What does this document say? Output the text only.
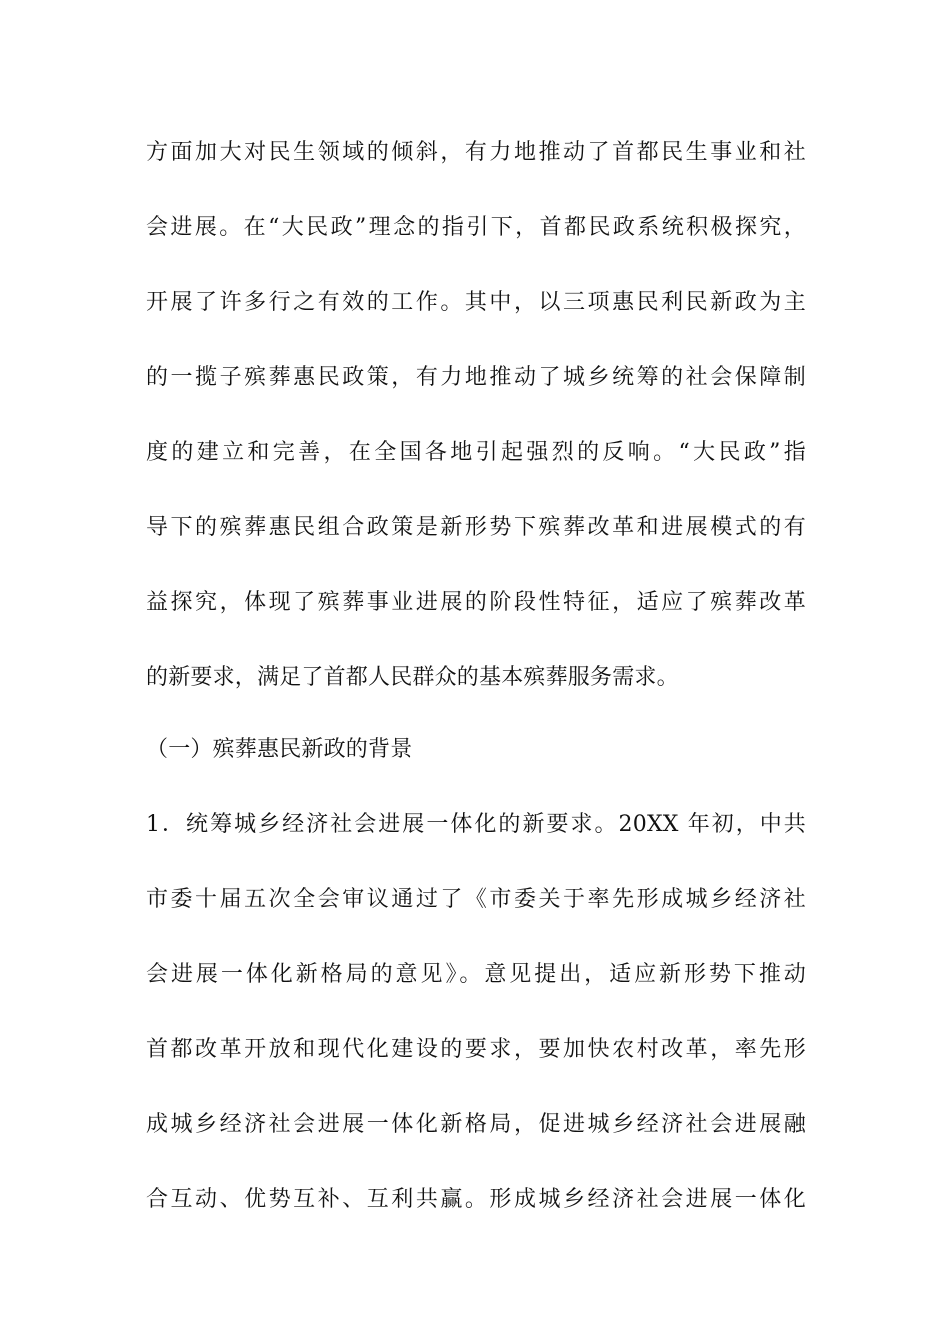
方面加大对民生领域的倾斜，有力地推动了首都民生事业和社
会进展。在“大民政”理念的指引下，首都民政系统积极探究，
开展了许多行之有效的工作。其中，以三项惠民利民新政为主
的一揽子殡葬惠民政策，有力地推动了城乡统筹的社会保障制
度的建立和完善，在全国各地引起强烈的反响。“大民政”指
导下的殡葬惠民组合政策是新形势下殡葬改革和进展模式的有
益探究，体现了殡葬事业进展的阶段性特征，适应了殡葬改革
的新要求，满足了首都人民群众的基本殡葬服务需求。
（一）殡葬惠民新政的背景
1．统筹城乡经济社会进展一体化的新要求。20XX 年初，中共
市委十届五次全会审议通过了《市委关于率先形成城乡经济社
会进展一体化新格局的意见》。意见提出，适应新形势下推动
首都改革开放和现代化建设的要求，要加快农村改革，率先形
成城乡经济社会进展一体化新格局，促进城乡经济社会进展融
合互动、优势互补、互利共赢。形成城乡经济社会进展一体化
